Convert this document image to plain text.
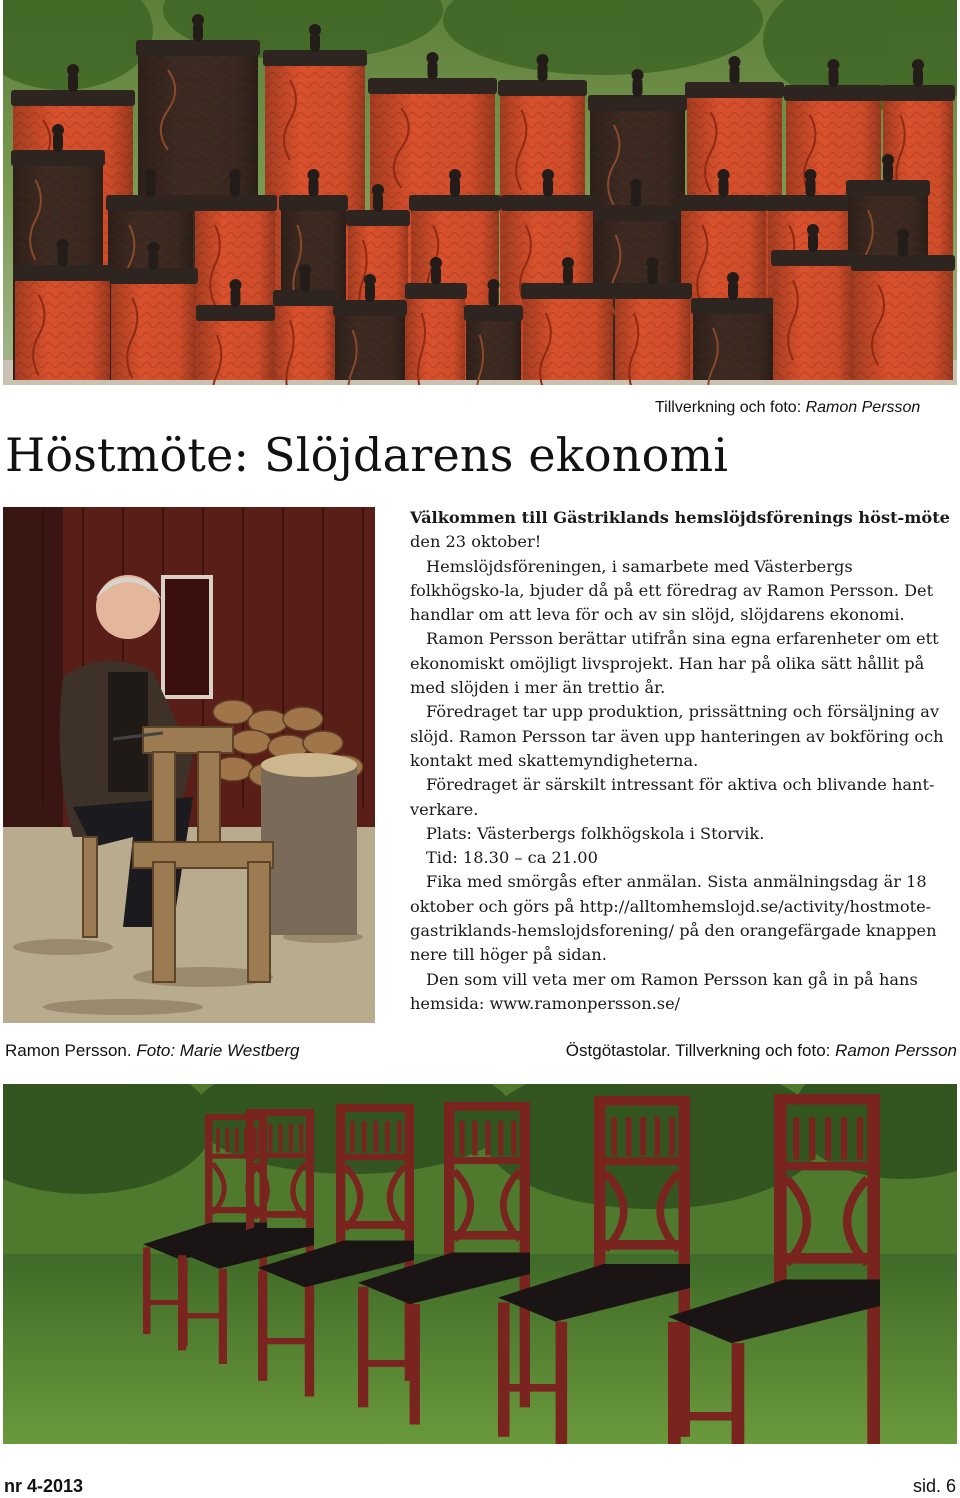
Tillverkning och foto: Ramon Persson
Höstmöte: Slöjdarens ekonomi

Välkommen till Gästriklands hemslöjdsförenings höst-möte den 23 oktober!

Hemslöjdsföreningen, i samarbete med Västerbergs folkhögsko-la, bjuder då på ett föredrag av Ramon Persson. Det handlar om att leva för och av sin slöjd, slöjdarens ekonomi.

Ramon Persson berättar utifrån sina egna erfarenheter om ett ekonomiskt omöjligt livsprojekt. Han har på olika sätt hållit på med slöjden i mer än trettio år.

Föredraget tar upp produktion, prissättning och försäljning av slöjd. Ramon Persson tar även upp hanteringen av bokföring och kontakt med skattemyndigheterna.

Föredraget är särskilt intressant för aktiva och blivande hant-verkare.

Plats: Västerbergs folkhögskola i Storvik.

Tid: 18.30 – ca 21.00

Fika med smörgås efter anmälan. Sista anmälningsdag är 18 oktober och görs på http://alltomhemslojd.se/activity/hostmote-gastriklands-hemslojdsforening/ på den orangefärgade knappen nere till höger på sidan.

Den som vill veta mer om Ramon Persson kan gå in på hans hemsida: www.ramonpersson.se/

Ramon Persson. Foto: Marie Westberg	Östgötastolar. Tillverkning och foto: Ramon Persson
nr 4-2013	sid. 6
